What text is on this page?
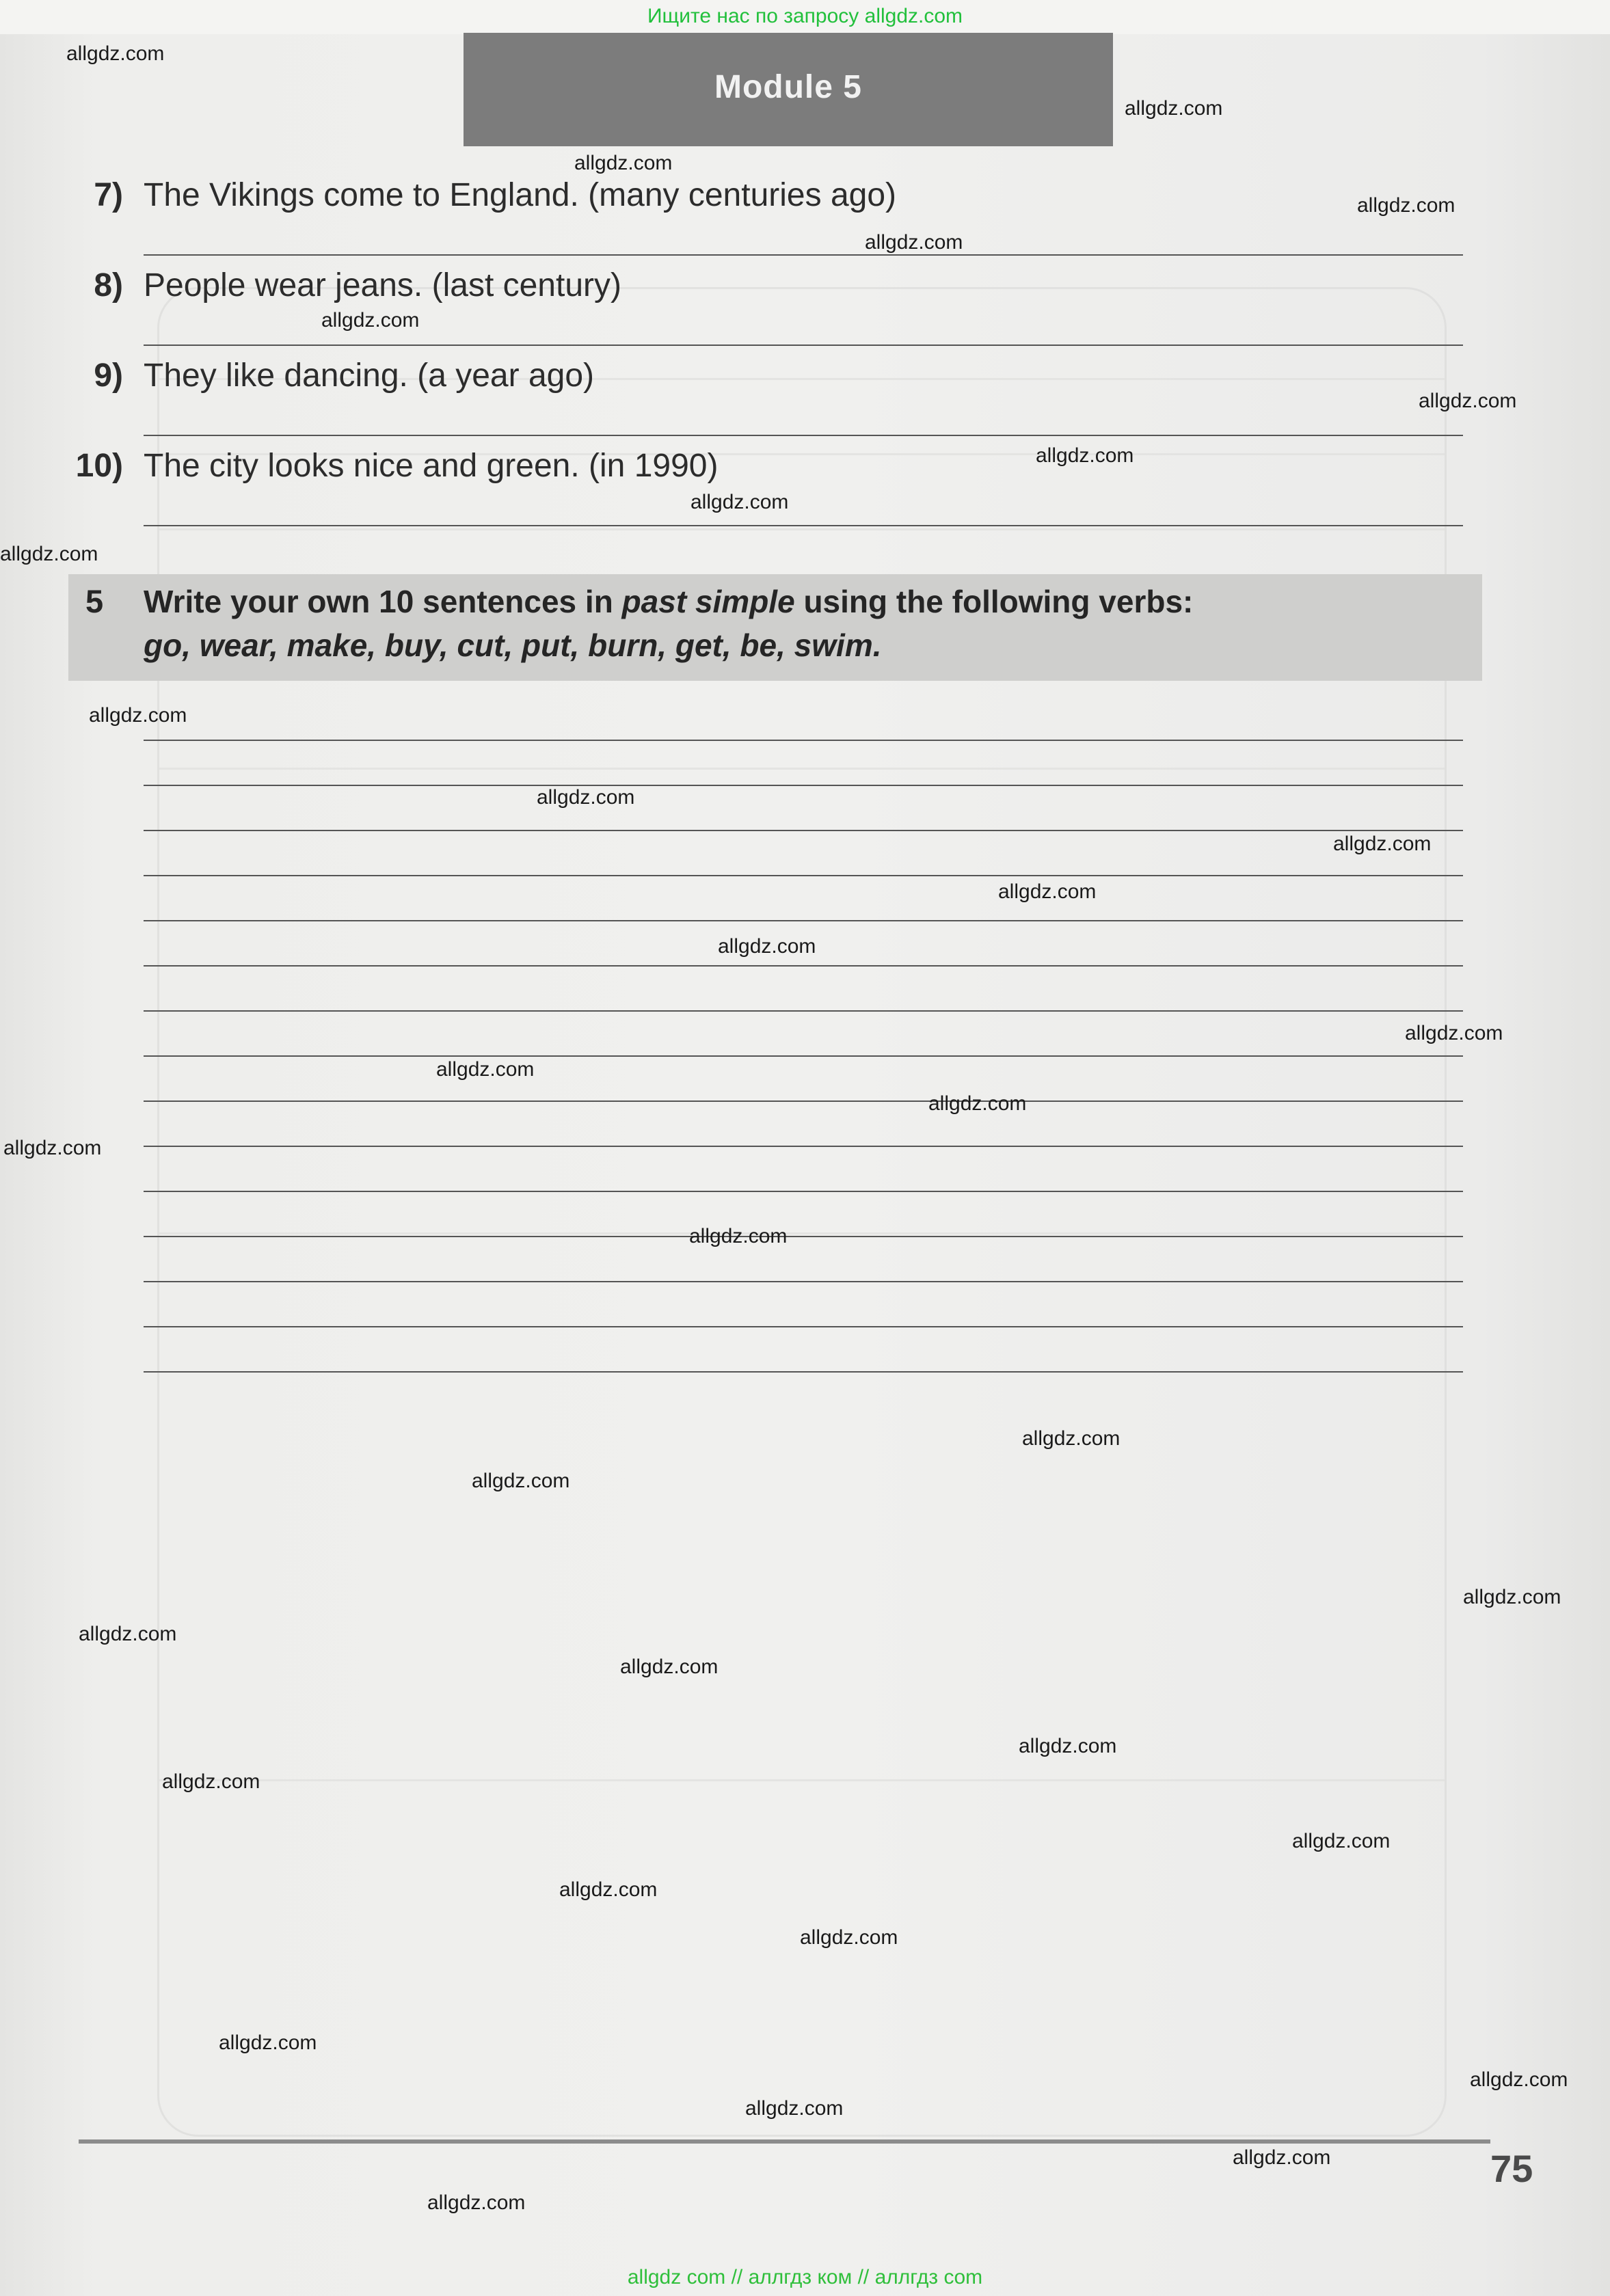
Ищите нас по запросу allgdz.com
Module 5
7) The Vikings come to England. (many centuries ago)
8) People wear jeans. (last century)
9) They like dancing. (a year ago)
10) The city looks nice and green. (in 1990)
5 Write your own 10 sentences in past simple using the following verbs:
go, wear, make, buy, cut, put, burn, get, be, swim.
75
allgdz.com
allgdz.com
allgdz.com
allgdz.com
allgdz.com
allgdz.com
allgdz.com
allgdz.com
allgdz.com
allgdz.com
allgdz.com
allgdz.com
allgdz.com
allgdz.com
allgdz.com
allgdz.com
allgdz.com
allgdz.com
allgdz.com
allgdz.com
allgdz.com
allgdz.com
allgdz.com
allgdz.com
allgdz.com
allgdz.com
allgdz.com
allgdz.com
allgdz.com
allgdz.com
allgdz.com
allgdz.com
allgdz.com
allgdz.com
allgdz.com
allgdz com // аллгдз ком // аллгдз com
